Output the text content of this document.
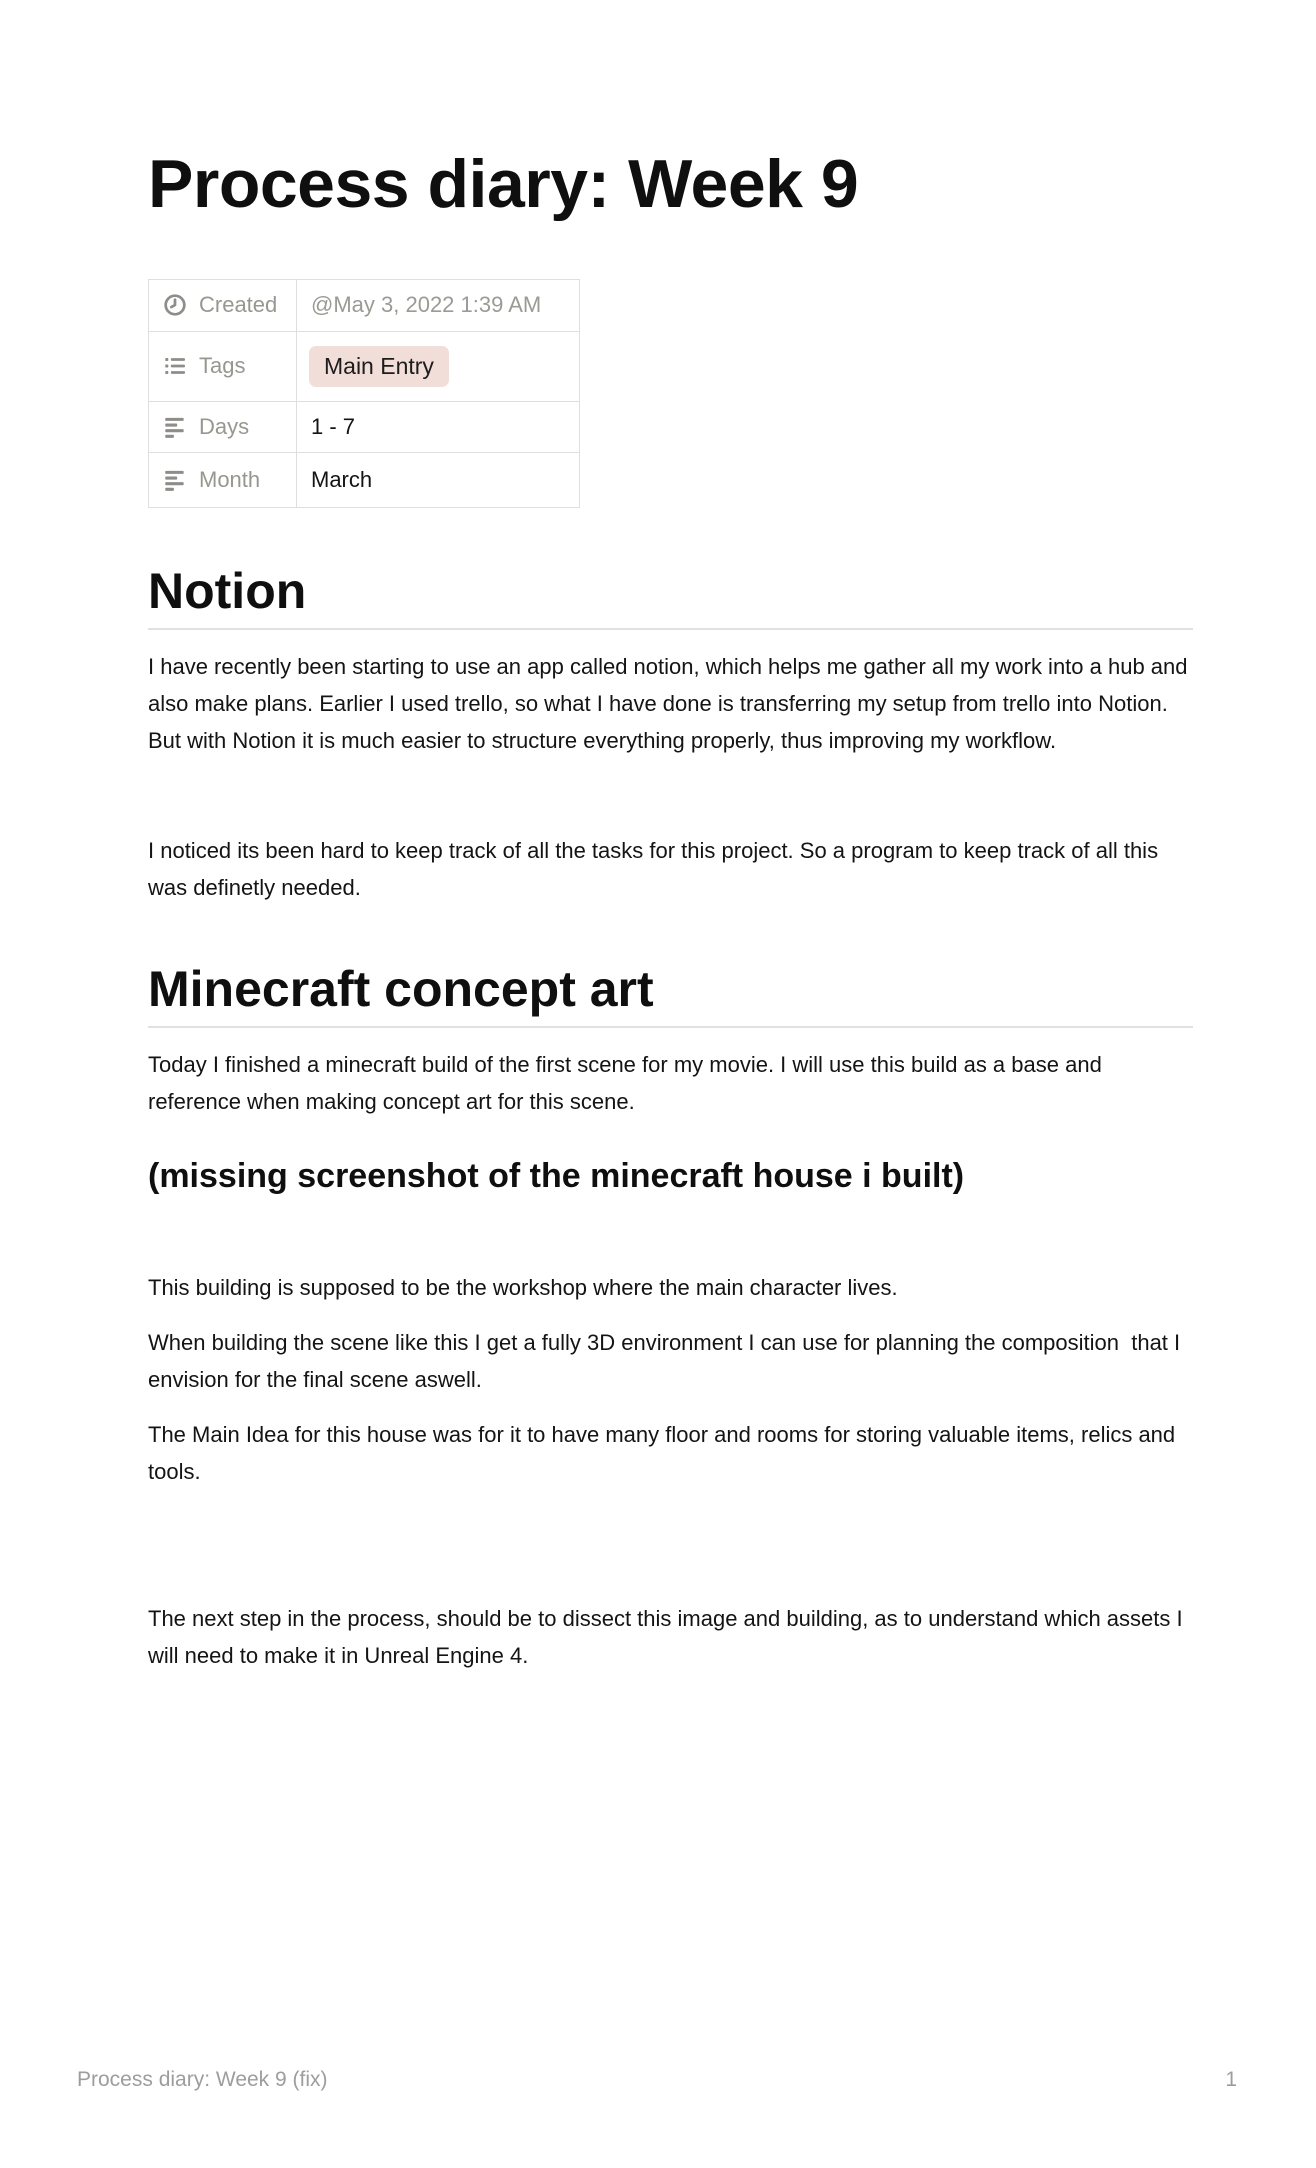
Process diary: Week 9
Created	@May 3, 2022 1:39 AM

Tags	Main Entry

Days	1 - 7

Month	March
Notion

I have recently been starting to use an app called notion, which helps me gather all my work into a hub and also make plans. Earlier I used trello, so what I have done is transferring my setup from trello into Notion. But with Notion it is much easier to structure everything properly, thus improving my workflow.

I noticed its been hard to keep track of all the tasks for this project. So a program to keep track of all this was definetly needed.

Minecraft concept art

Today I finished a minecraft build of the first scene for my movie. I will use this build as a base and reference when making concept art for this scene.

(missing screenshot of the minecraft house i built)

This building is supposed to be the workshop where the main character lives.

When building the scene like this I get a fully 3D environment I can use for planning the composition  that I envision for the final scene aswell.

The Main Idea for this house was for it to have many floor and rooms for storing valuable items, relics and tools.

The next step in the process, should be to dissect this image and building, as to understand which assets I will need to make it in Unreal Engine 4.

Process diary: Week 9 (fix)	1
